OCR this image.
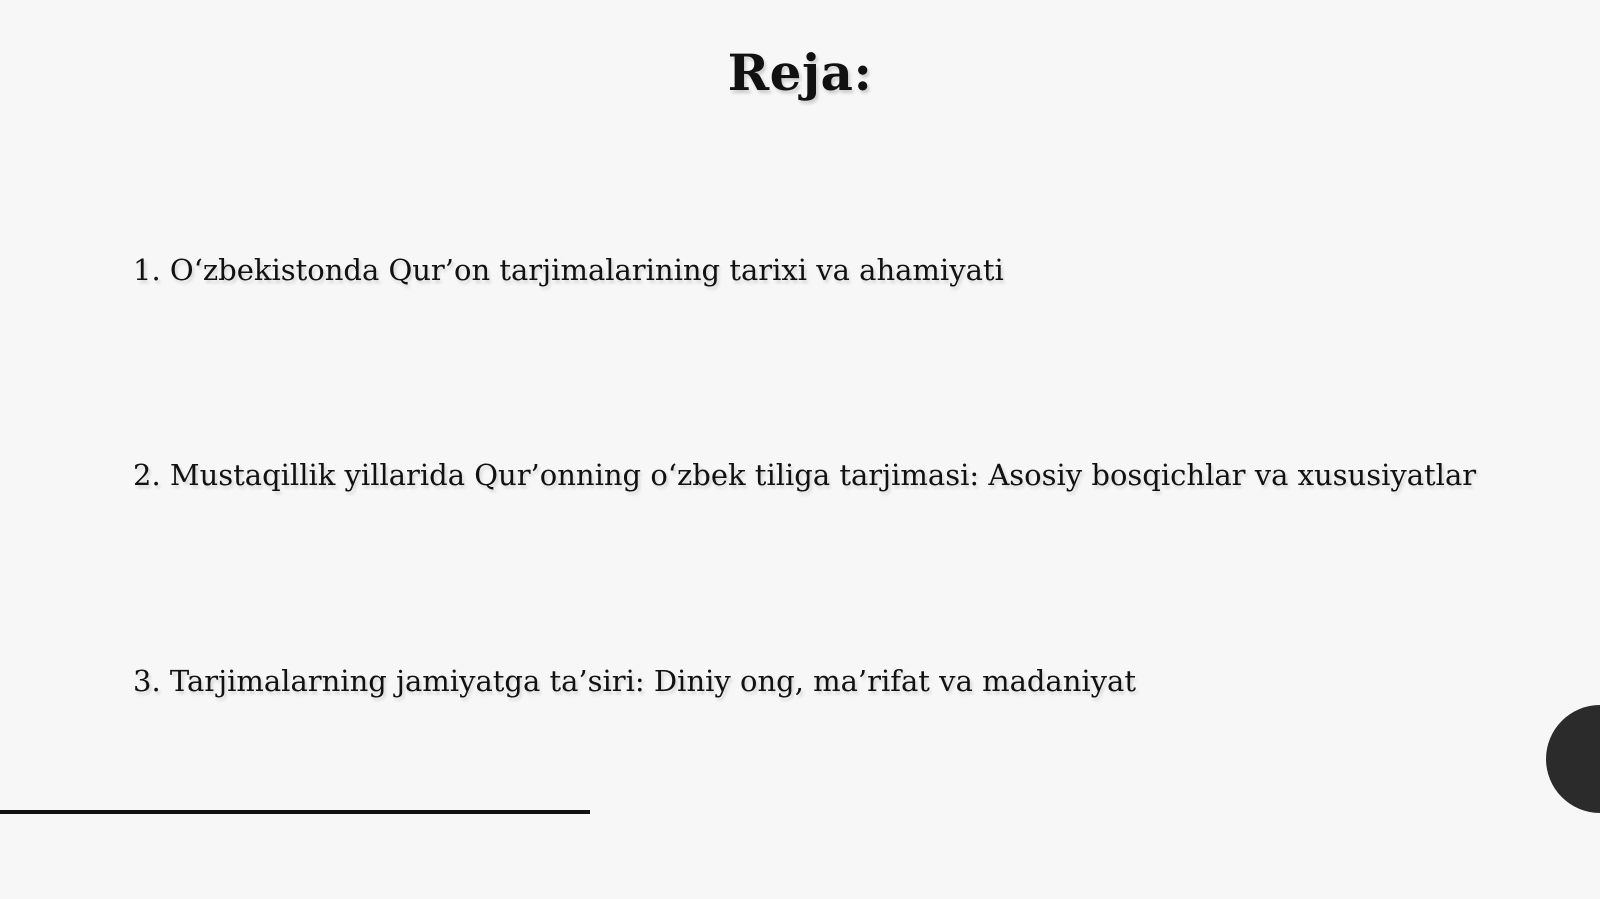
Reja:
1. O‘zbekistonda Qur’on tarjimalarining tarixi va ahamiyati
2. Mustaqillik yillarida Qur’onning o‘zbek tiliga tarjimasi: Asosiy bosqichlar va xususiyatlar
3. Tarjimalarning jamiyatga ta’siri: Diniy ong, ma’rifat va madaniyat
